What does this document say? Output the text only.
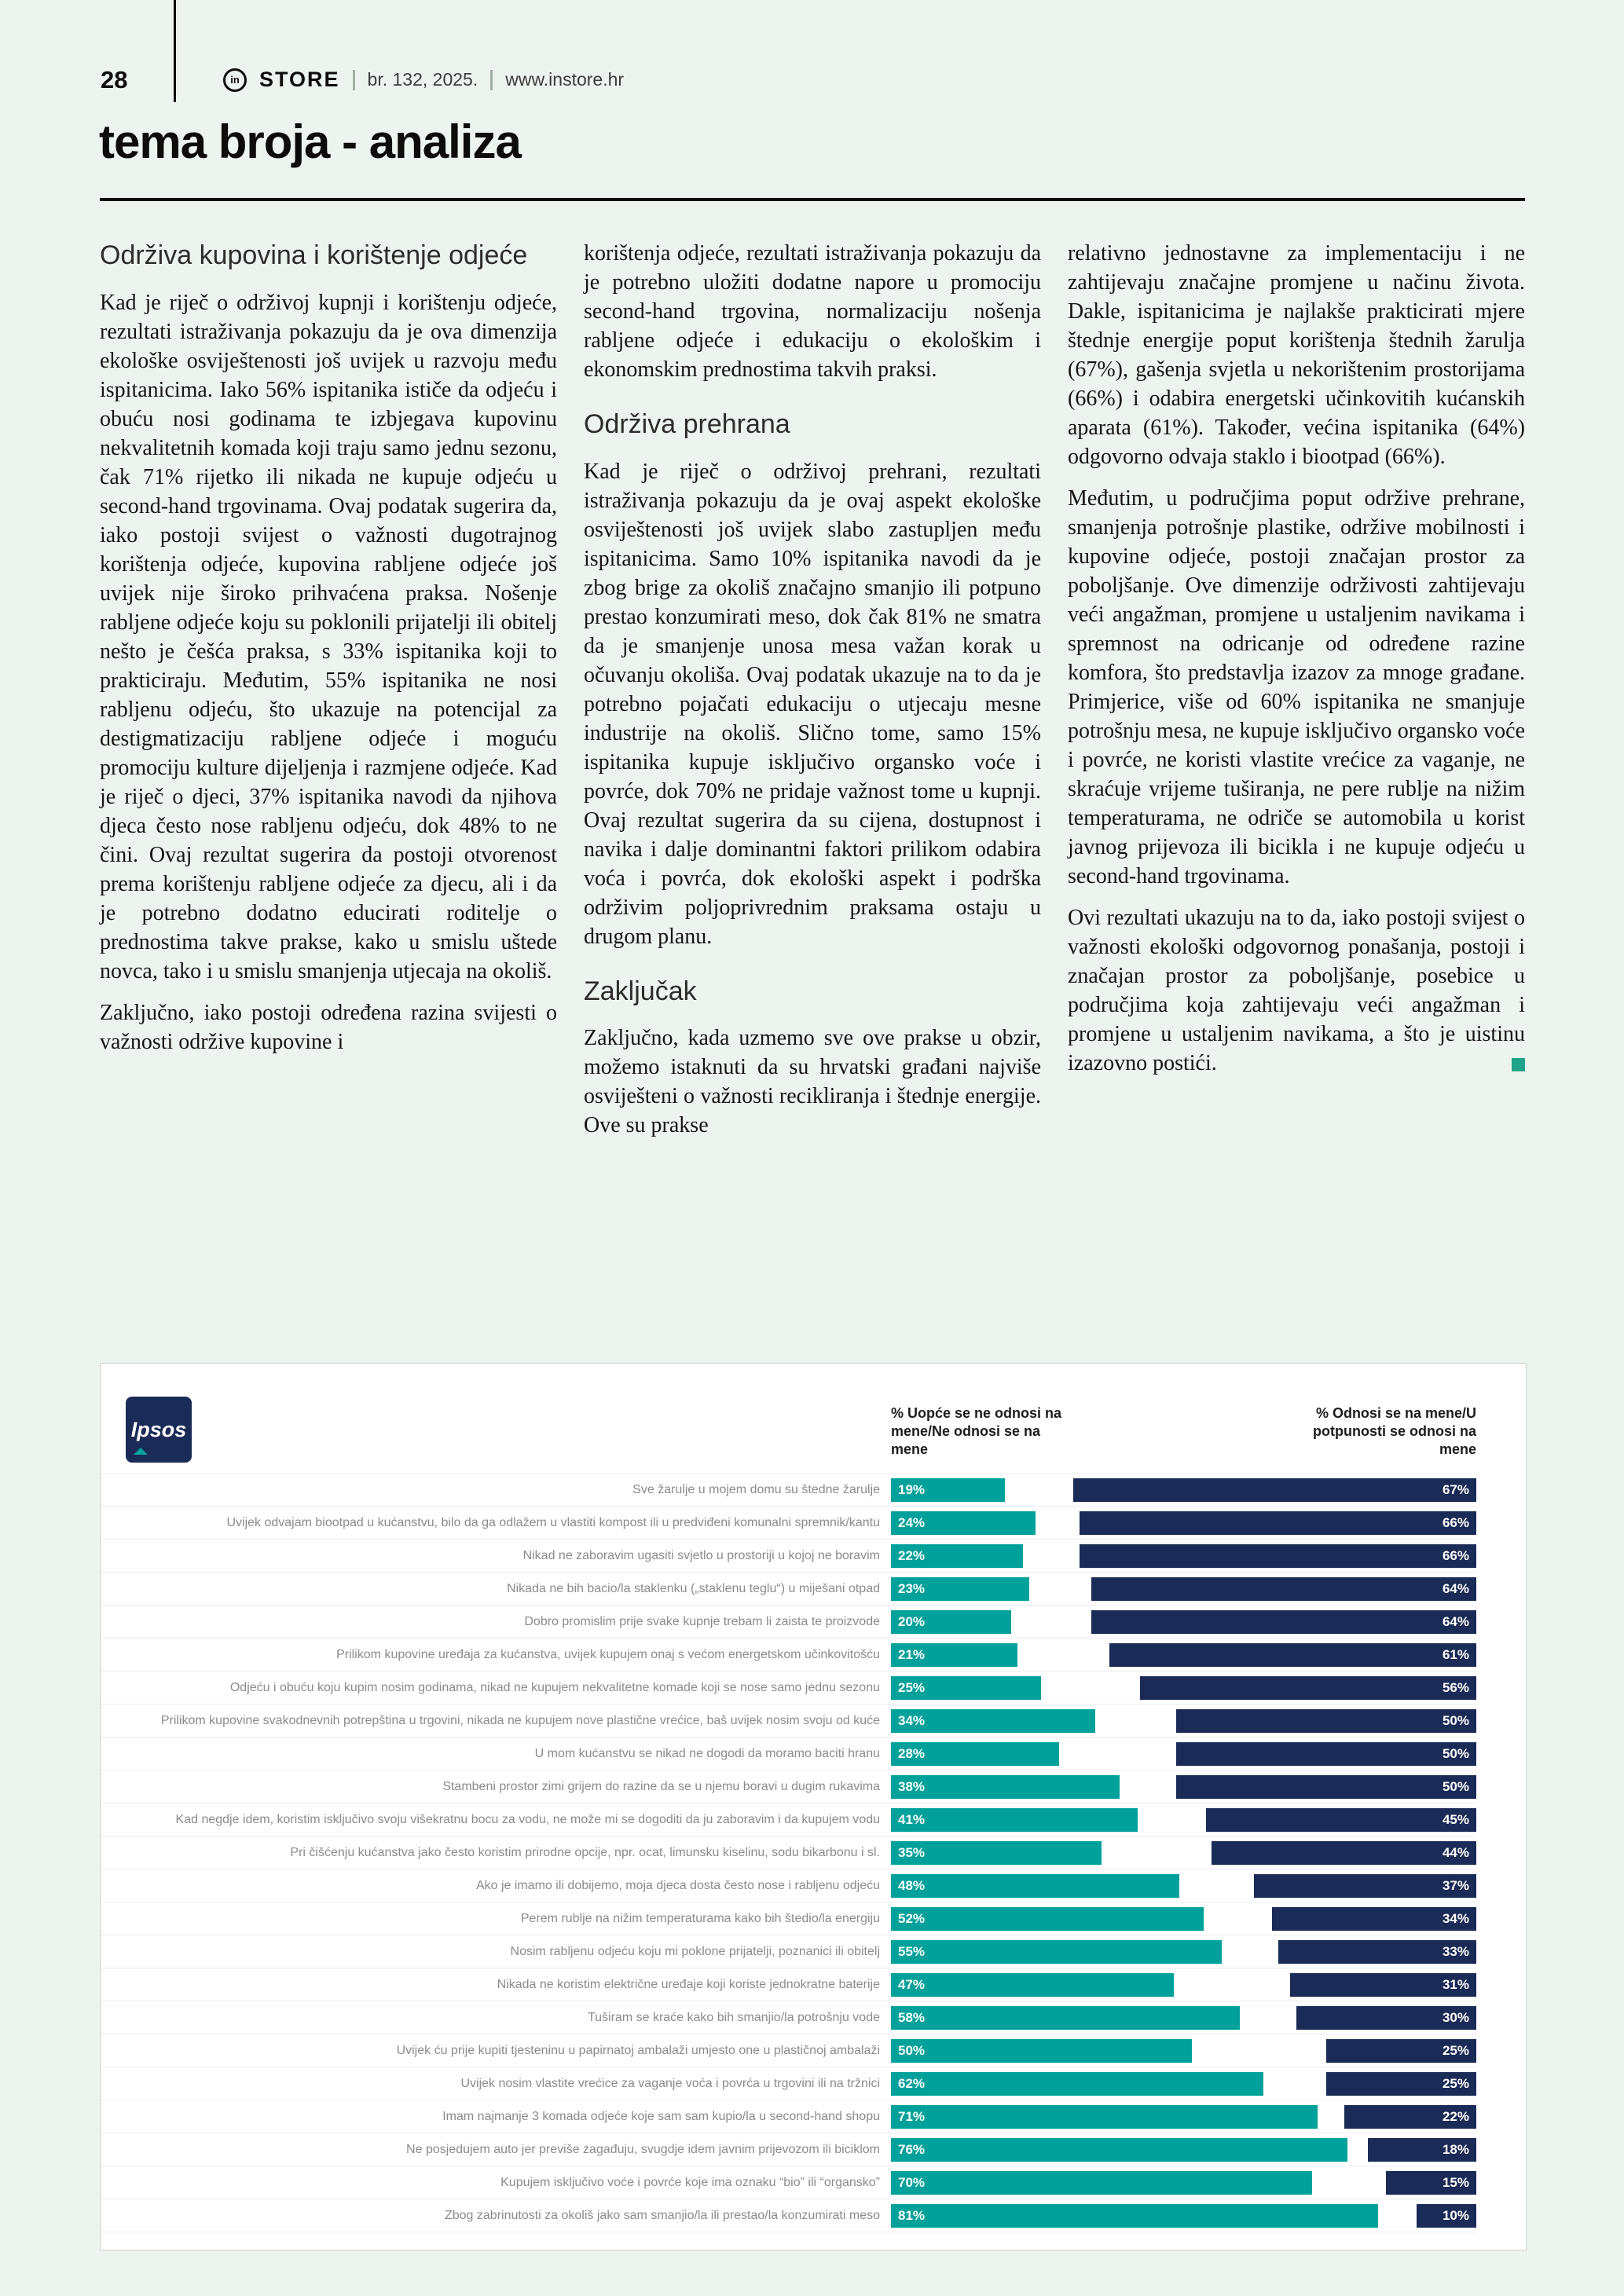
28	in STORE br. 132, 2025. www.instore.hr
tema broja - analiza
Održiva kupovina i korištenje odjeće

Kad je riječ o održivoj kupnji i korištenju odjeće, rezultati istraživanja pokazuju da je ova dimenzija ekološke osviještenosti još uvijek u razvoju među ispitanicima. Iako 56% ispitanika ističe da odjeću i obuću nosi godinama te izbjegava kupovinu nekvalitetnih komada koji traju samo jednu sezonu, čak 71% rijetko ili nikada ne kupuje odjeću u second-hand trgovinama. Ovaj podatak sugerira da, iako postoji svijest o važnosti dugotrajnog korištenja odjeće, kupovina rabljene odjeće još uvijek nije široko prihvaćena praksa. Nošenje rabljene odjeće koju su poklonili prijatelji ili obitelj nešto je češća praksa, s 33% ispitanika koji to prakticiraju. Međutim, 55% ispitanika ne nosi rabljenu odjeću, što ukazuje na potencijal za destigmatizaciju rabljene odjeće i moguću promociju kulture dijeljenja i razmjene odjeće. Kad je riječ o djeci, 37% ispitanika navodi da njihova djeca često nose rabljenu odjeću, dok 48% to ne čini. Ovaj rezultat sugerira da postoji otvorenost prema korištenju rabljene odjeće za djecu, ali i da je potrebno dodatno educirati roditelje o prednostima takve prakse, kako u smislu uštede novca, tako i u smislu smanjenja utjecaja na okoliš.

Zaključno, iako postoji određena razina svijesti o važnosti održive kupovine i

korištenja odjeće, rezultati istraživanja pokazuju da je potrebno uložiti dodatne napore u promociju second-hand trgovina, normalizaciju nošenja rabljene odjeće i edukaciju o ekološkim i ekonomskim prednostima takvih praksi.

Održiva prehrana

Kad je riječ o održivoj prehrani, rezultati istraživanja pokazuju da je ovaj aspekt ekološke osviještenosti još uvijek slabo zastupljen među ispitanicima. Samo 10% ispitanika navodi da je zbog brige za okoliš značajno smanjio ili potpuno prestao konzumirati meso, dok čak 81% ne smatra da je smanjenje unosa mesa važan korak u očuvanju okoliša. Ovaj podatak ukazuje na to da je potrebno pojačati edukaciju o utjecaju mesne industrije na okoliš. Slično tome, samo 15% ispitanika kupuje isključivo organsko voće i povrće, dok 70% ne pridaje važnost tome u kupnji. Ovaj rezultat sugerira da su cijena, dostupnost i navika i dalje dominantni faktori prilikom odabira voća i povrća, dok ekološki aspekt i podrška održivim poljoprivrednim praksama ostaju u drugom planu.

Zaključak

Zaključno, kada uzmemo sve ove prakse u obzir, možemo istaknuti da su hrvatski građani najviše osviješteni o važnosti recikliranja i štednje energije. Ove su prakse

relativno jednostavne za implementaciju i ne zahtijevaju značajne promjene u načinu života. Dakle, ispitanicima je najlakše prakticirati mjere štednje energije poput korištenja štednih žarulja (67%), gašenja svjetla u nekorištenim prostorijama (66%) i odabira energetski učinkovitih kućanskih aparata (61%). Također, većina ispitanika (64%) odgovorno odvaja staklo i biootpad (66%).

Međutim, u područjima poput održive prehrane, smanjenja potrošnje plastike, održive mobilnosti i kupovine odjeće, postoji značajan prostor za poboljšanje. Ove dimenzije održivosti zahtijevaju veći angažman, promjene u ustaljenim navikama i spremnost na odricanje od određene razine komfora, što predstavlja izazov za mnoge građane. Primjerice, više od 60% ispitanika ne smanjuje potrošnju mesa, ne kupuje isključivo organsko voće i povrće, ne koristi vlastite vrećice za vaganje, ne skraćuje vrijeme tuširanja, ne pere rublje na nižim temperaturama, ne odriče se automobila u korist javnog prijevoza ili bicikla i ne kupuje odjeću u second-hand trgovinama.

Ovi rezultati ukazuju na to da, iako postoji svijest o važnosti ekološki odgovornog ponašanja, postoji i značajan prostor za poboljšanje, posebice u područjima koja zahtijevaju veći angažman i promjene u ustaljenim navikama, a što je uistinu izazovno postići.

Ipsos
% Uopće se ne odnosi na mene/Ne odnosi se na mene
% Odnosi se na mene/U potpunosti se odnosi na mene
Sve žarulje u mojem domu su štedne žarulje	19%	67%
Uvijek odvajam biootpad u kućanstvu, bilo da ga odlažem u vlastiti kompost ili u predviđeni komunalni spremnik/kantu	24%	66%
Nikad ne zaboravim ugasiti svjetlo u prostoriji u kojoj ne boravim	22%	66%
Nikada ne bih bacio/la staklenku („staklenu teglu“) u miješani otpad	23%	64%
Dobro promislim prije svake kupnje trebam li zaista te proizvode	20%	64%
Prilikom kupovine uređaja za kućanstva, uvijek kupujem onaj s većom energetskom učinkovitošću	21%	61%
Odjeću i obuću koju kupim nosim godinama, nikad ne kupujem nekvalitetne komade koji se nose samo jednu sezonu	25%	56%
Prilikom kupovine svakodnevnih potrepština u trgovini, nikada ne kupujem nove plastične vrećice, baš uvijek nosim svoju od kuće	34%	50%
U mom kućanstvu se nikad ne dogodi da moramo baciti hranu	28%	50%
Stambeni prostor zimi grijem do razine da se u njemu boravi u dugim rukavima	38%	50%
Kad negdje idem, koristim isključivo svoju višekratnu bocu za vodu, ne može mi se dogoditi da ju zaboravim i da kupujem vodu	41%	45%
Pri čišćenju kućanstva jako često koristim prirodne opcije, npr. ocat, limunsku kiselinu, sodu bikarbonu i sl.	35%	44%
Ako je imamo ili dobijemo, moja djeca dosta često nose i rabljenu odjeću	48%	37%
Perem rublje na nižim temperaturama kako bih štedio/la energiju	52%	34%
Nosim rabljenu odjeću koju mi poklone prijatelji, poznanici ili obitelj	55%	33%
Nikada ne koristim električne uređaje koji koriste jednokratne baterije	47%	31%
Tuširam se kraće kako bih smanjio/la potrošnju vode	58%	30%
Uvijek ću prije kupiti tjesteninu u papirnatoj ambalaži umjesto one u plastičnoj ambalaži	50%	25%
Uvijek nosim vlastite vrećice za vaganje voća i povrća u trgovini ili na tržnici	62%	25%
Imam najmanje 3 komada odjeće koje sam sam kupio/la u second-hand shopu	71%	22%
Ne posjedujem auto jer previše zagađuju, svugdje idem javnim prijevozom ili biciklom	76%	18%
Kupujem isključivo voće i povrće koje ima oznaku “bio” ili “organsko”	70%	15%
Zbog zabrinutosti za okoliš jako sam smanjio/la ili prestao/la konzumirati meso	81%	10%
